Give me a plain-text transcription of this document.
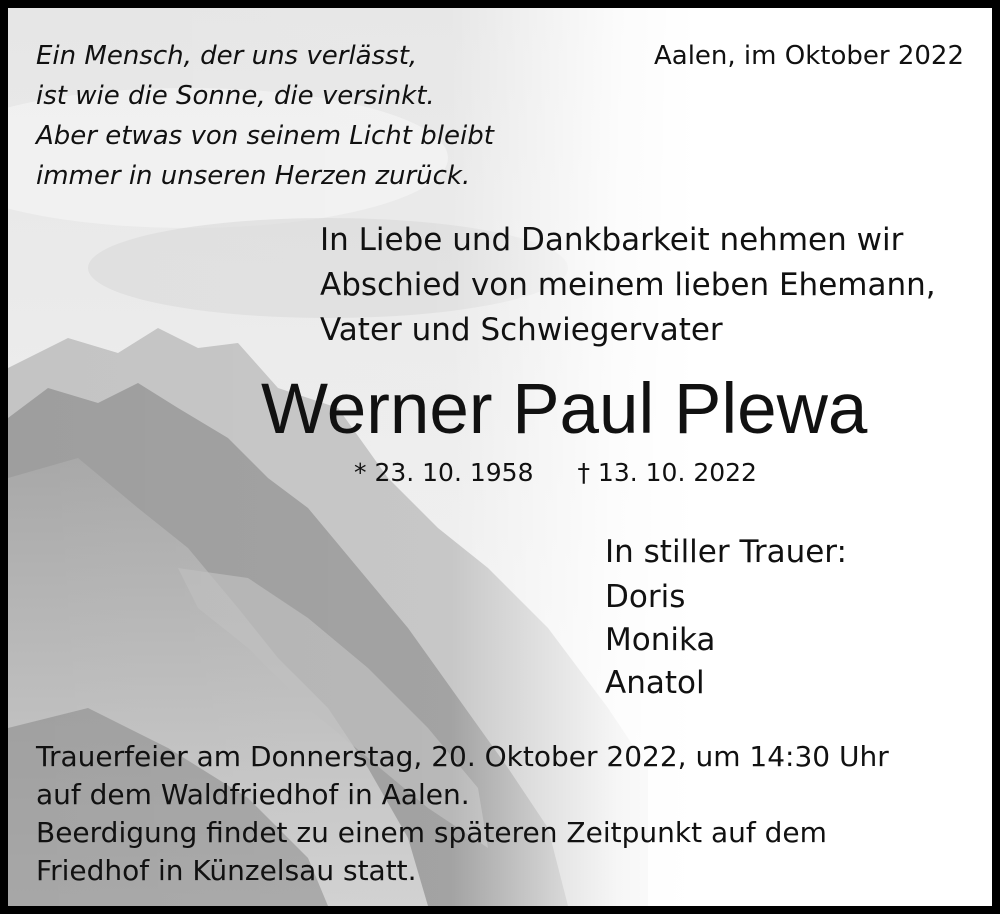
Ein Mensch, der uns verlässt,
ist wie die Sonne, die versinkt.
Aber etwas von seinem Licht bleibt
immer in unseren Herzen zurück.
Aalen, im Oktober 2022
In Liebe und Dankbarkeit nehmen wir
Abschied von meinem lieben Ehemann,
Vater und Schwiegervater
Werner Paul Plewa
* 23. 10. 1958 † 13. 10. 2022
In stiller Trauer:
Doris
Monika
Anatol
Trauerfeier am Donnerstag, 20. Oktober 2022, um 14:30 Uhr
auf dem Waldfriedhof in Aalen.
Beerdigung findet zu einem späteren Zeitpunkt auf dem
Friedhof in Künzelsau statt.
